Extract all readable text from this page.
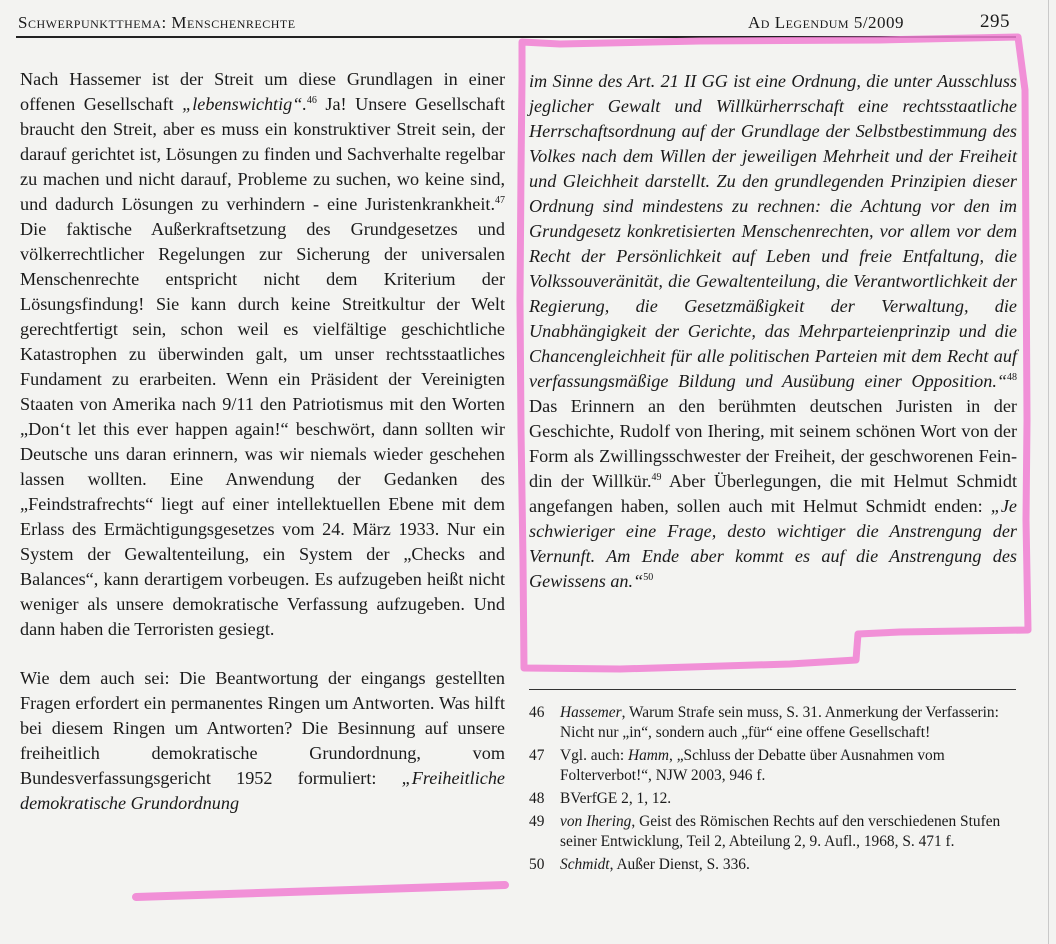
Schwerpunktthema: Menschenrechte	Ad Legendum 5/2009	295

Nach Hassemer ist der Streit um diese Grundlagen in einer offenen Gesellschaft „lebenswichtig“.$^{46}$ Ja! Unsere Gesellschaft braucht den Streit, aber es muss ein konstruktiver Streit sein, der darauf gerichtet ist, Lösungen zu finden und Sachverhalte regelbar zu machen und nicht darauf, Probleme zu suchen, wo keine sind, und dadurch Lösungen zu verhindern - eine Juristenkrankheit.$^{47}$ Die faktische Außerkraftsetzung des Grundgesetzes und völkerrechtlicher Regelungen zur Sicherung der universalen Menschenrechte entspricht nicht dem Kriterium der Lösungsfindung! Sie kann durch keine Streitkultur der Welt gerechtfertigt sein, schon weil es vielfältige geschichtliche Katastrophen zu überwinden galt, um unser rechtsstaatliches Fundament zu erarbeiten. Wenn ein Präsident der Vereinigten Staaten von Amerika nach 9/11 den Patriotismus mit den Worten „Don‘t let this ever happen again!“ beschwört, dann sollten wir Deutsche uns daran erinnern, was wir niemals wieder geschehen lassen wollten. Eine Anwendung der Gedanken des „Feindstrafrechts“ liegt auf einer intellektuellen Ebene mit dem Erlass des Ermächtigungsgesetzes vom 24. März 1933. Nur ein System der Gewaltenteilung, ein System der „Checks and Balances“, kann derartigem vorbeugen. Es aufzugeben heißt nicht weniger als unsere demokratische Verfassung aufzugeben. Und dann haben die Terroristen gesiegt.

Wie dem auch sei: Die Beantwortung der eingangs gestellten Fragen erfordert ein permanentes Ringen um Antworten. Was hilft bei diesem Ringen um Antworten? Die Besinnung auf unsere freiheitlich demokratische Grundordnung, vom Bundesverfassungsgericht 1952 formuliert: „Freiheitliche demokratische Grundordnung

im Sinne des Art. 21 II GG ist eine Ordnung, die unter Ausschluss jeglicher Gewalt und Willkürherrschaft eine rechtsstaatliche Herrschaftsordnung auf der Grundlage der Selbstbestimmung des Volkes nach dem Willen der jeweiligen Mehrheit und der Freiheit und Gleichheit darstellt. Zu den grundlegenden Prinzipien dieser Ordnung sind mindestens zu rechnen: die Achtung vor den im Grundgesetz konkretisierten Menschenrechten, vor allem vor dem Recht der Persönlichkeit auf Leben und freie Entfaltung, die Volkssouveränität, die Gewaltenteilung, die Verantwortlichkeit der Regierung, die Gesetzmäßigkeit der Verwaltung, die Unabhängigkeit der Gerichte, das Mehrparteienprinzip und die Chancengleichheit für alle politischen Parteien mit dem Recht auf verfassungsmäßige Bildung und Ausübung einer Opposition.“$^{48}$ Das Erinnern an den berühmten deutschen Juristen in der Geschichte, Rudolf von Ihering, mit seinem schönen Wort von der Form als Zwillingsschwester der Freiheit, der geschworenen Feindin der Willkür.$^{49}$ Aber Überlegungen, die mit Helmut Schmidt angefangen haben, sollen auch mit Helmut Schmidt enden: „Je schwieriger eine Frage, desto wichtiger die Anstrengung der Vernunft. Am Ende aber kommt es auf die Anstrengung des Gewissens an.“$^{50}$

46 Hassemer, Warum Strafe sein muss, S. 31. Anmerkung der Verfasserin: Nicht nur „in“, sondern auch „für“ eine offene Gesellschaft!
47 Vgl. auch: Hamm, „Schluss der Debatte über Ausnahmen vom Folterverbot!“, NJW 2003, 946 f.
48 BVerfGE 2, 1, 12.
49 von Ihering, Geist des Römischen Rechts auf den verschiedenen Stufen seiner Entwicklung, Teil 2, Abteilung 2, 9. Aufl., 1968, S. 471 f.
50 Schmidt, Außer Dienst, S. 336.
